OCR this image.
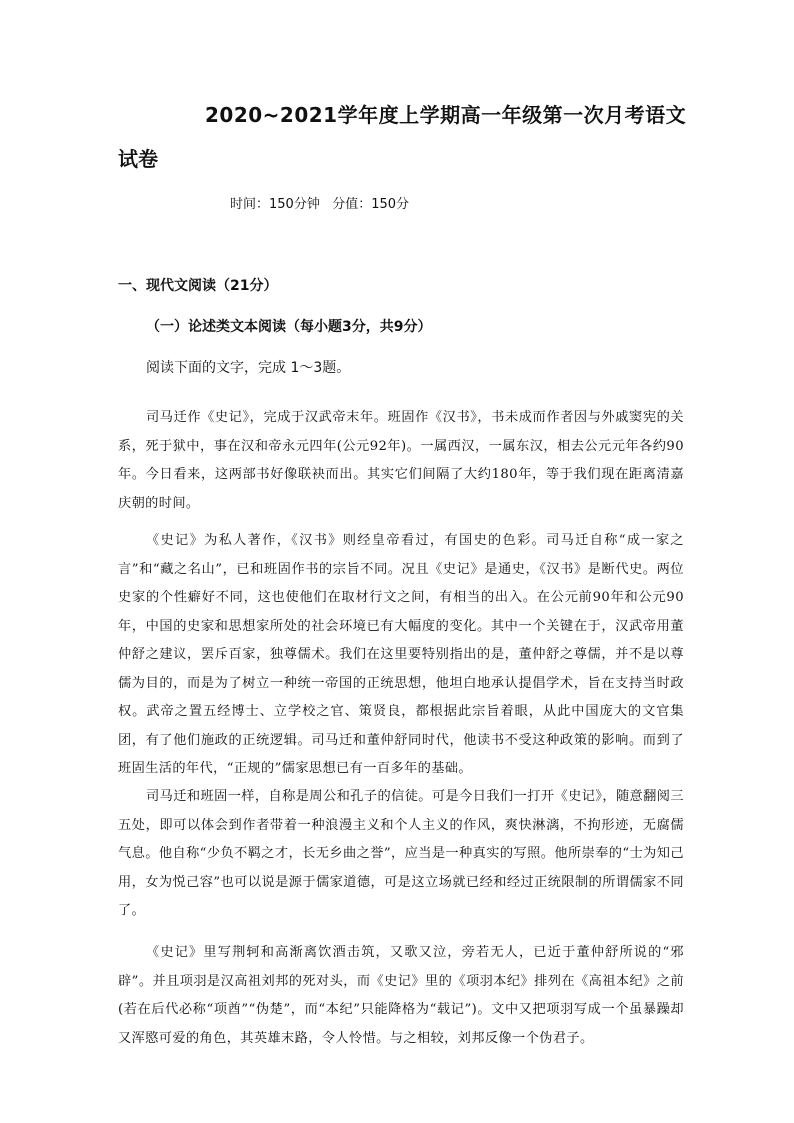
2020~2021学年度上学期高一年级第一次月考语文
试卷
时间：150分钟   分值：150分
一、现代文阅读（21分）
（一）论述类文本阅读（每小题3分，共9分）
阅读下面的文字，完成 1～3题。

司马迁作《史记》，完成于汉武帝末年。班固作《汉书》，书未成而作者因与外戚窦宪的关系，死于狱中，事在汉和帝永元四年(公元92年)。一属西汉，一属东汉，相去公元元年各约90年。今日看来，这两部书好像联袂而出。其实它们间隔了大约180年，等于我们现在距离清嘉庆朝的时间。

《史记》为私人著作，《汉书》则经皇帝看过，有国史的色彩。司马迁自称“成一家之言”和“藏之名山”，已和班固作书的宗旨不同。况且《史记》是通史，《汉书》是断代史。两位史家的个性癖好不同，这也使他们在取材行文之间，有相当的出入。在公元前90年和公元90年，中国的史家和思想家所处的社会环境已有大幅度的变化。其中一个关键在于，汉武帝用董仲舒之建议，罢斥百家，独尊儒术。我们在这里要特别指出的是，董仲舒之尊儒，并不是以尊儒为目的，而是为了树立一种统一帝国的正统思想，他坦白地承认提倡学术，旨在支持当时政权。武帝之置五经博士、立学校之官、策贤良，都根据此宗旨着眼，从此中国庞大的文官集团，有了他们施政的正统逻辑。司马迁和董仲舒同时代，他读书不受这种政策的影响。而到了班固生活的年代，“正规的”儒家思想已有一百多年的基础。

司马迁和班固一样，自称是周公和孔子的信徒。可是今日我们一打开《史记》，随意翻阅三五处，即可以体会到作者带着一种浪漫主义和个人主义的作风，爽快淋漓，不拘形迹，无腐儒气息。他自称“少负不羁之才，长无乡曲之誉”，应当是一种真实的写照。他所崇奉的“士为知己用，女为悦己容”也可以说是源于儒家道德，可是这立场就已经和经过正统限制的所谓儒家不同了。

《史记》里写荆轲和高渐离饮酒击筑，又歌又泣，旁若无人，已近于董仲舒所说的“邪辟”。并且项羽是汉高祖刘邦的死对头，而《史记》里的《项羽本纪》排列在《高祖本纪》之前(若在后代必称“项酋”“伪楚”，而“本纪”只能降格为“载记”)。文中又把项羽写成一个虽暴躁却又浑愍可爱的角色，其英雄末路，令人怜惜。与之相较，刘邦反像一个伪君子。
